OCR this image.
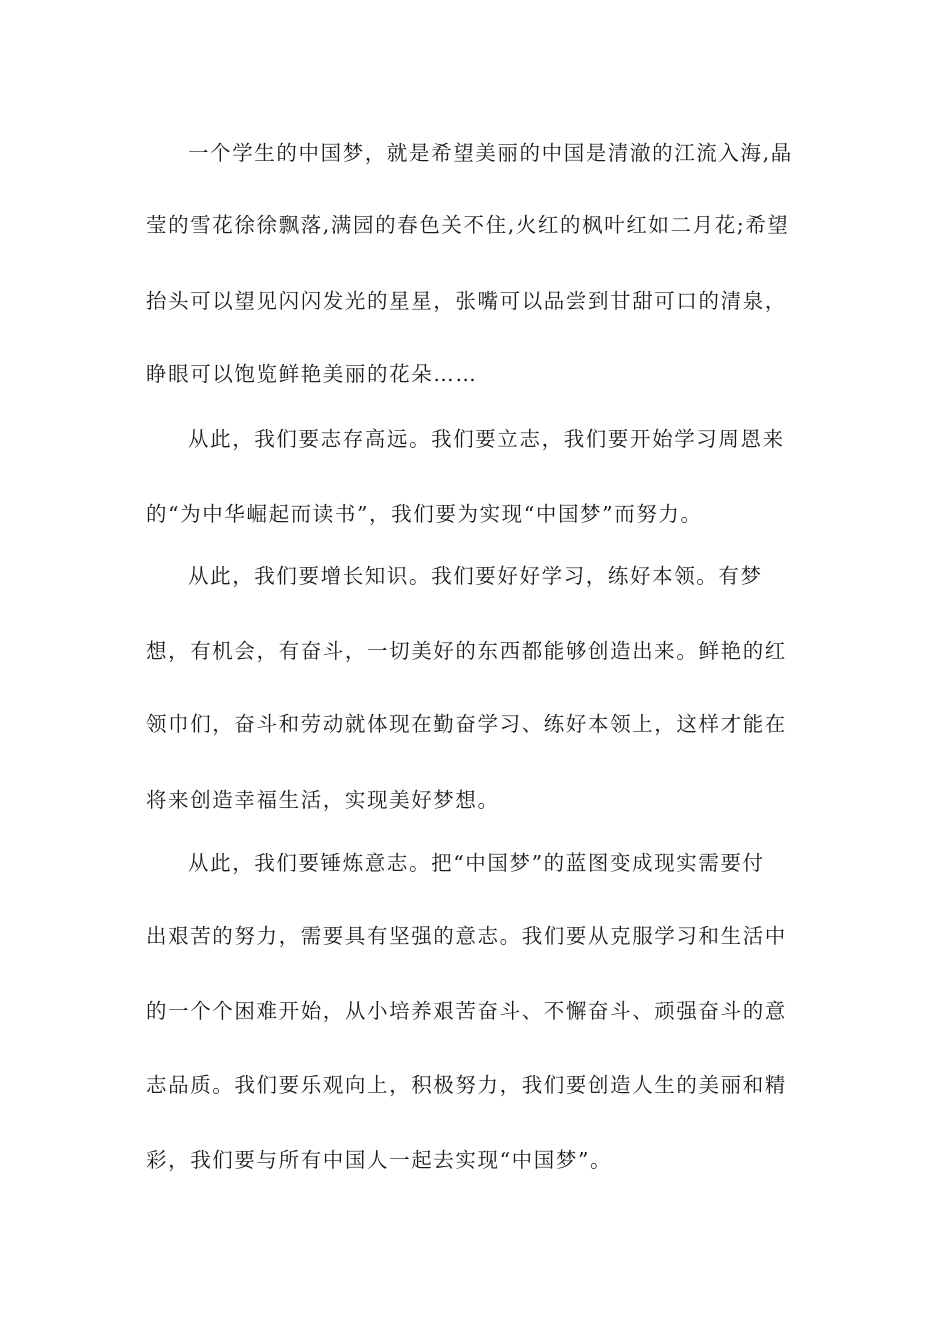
一个学生的中国梦，就是希望美丽的中国是清澈的江流入海,晶
莹的雪花徐徐飘落,满园的春色关不住,火红的枫叶红如二月花;希望
抬头可以望见闪闪发光的星星，张嘴可以品尝到甘甜可口的清泉，
睁眼可以饱览鲜艳美丽的花朵……
从此，我们要志存高远。我们要立志，我们要开始学习周恩来
的“为中华崛起而读书”，我们要为实现“中国梦”而努力。
从此，我们要增长知识。我们要好好学习，练好本领。有梦
想，有机会，有奋斗，一切美好的东西都能够创造出来。鲜艳的红
领巾们，奋斗和劳动就体现在勤奋学习、练好本领上，这样才能在
将来创造幸福生活，实现美好梦想。
从此，我们要锤炼意志。把“中国梦”的蓝图变成现实需要付
出艰苦的努力，需要具有坚强的意志。我们要从克服学习和生活中
的一个个困难开始，从小培养艰苦奋斗、不懈奋斗、顽强奋斗的意
志品质。我们要乐观向上，积极努力，我们要创造人生的美丽和精
彩，我们要与所有中国人一起去实现“中国梦”。
